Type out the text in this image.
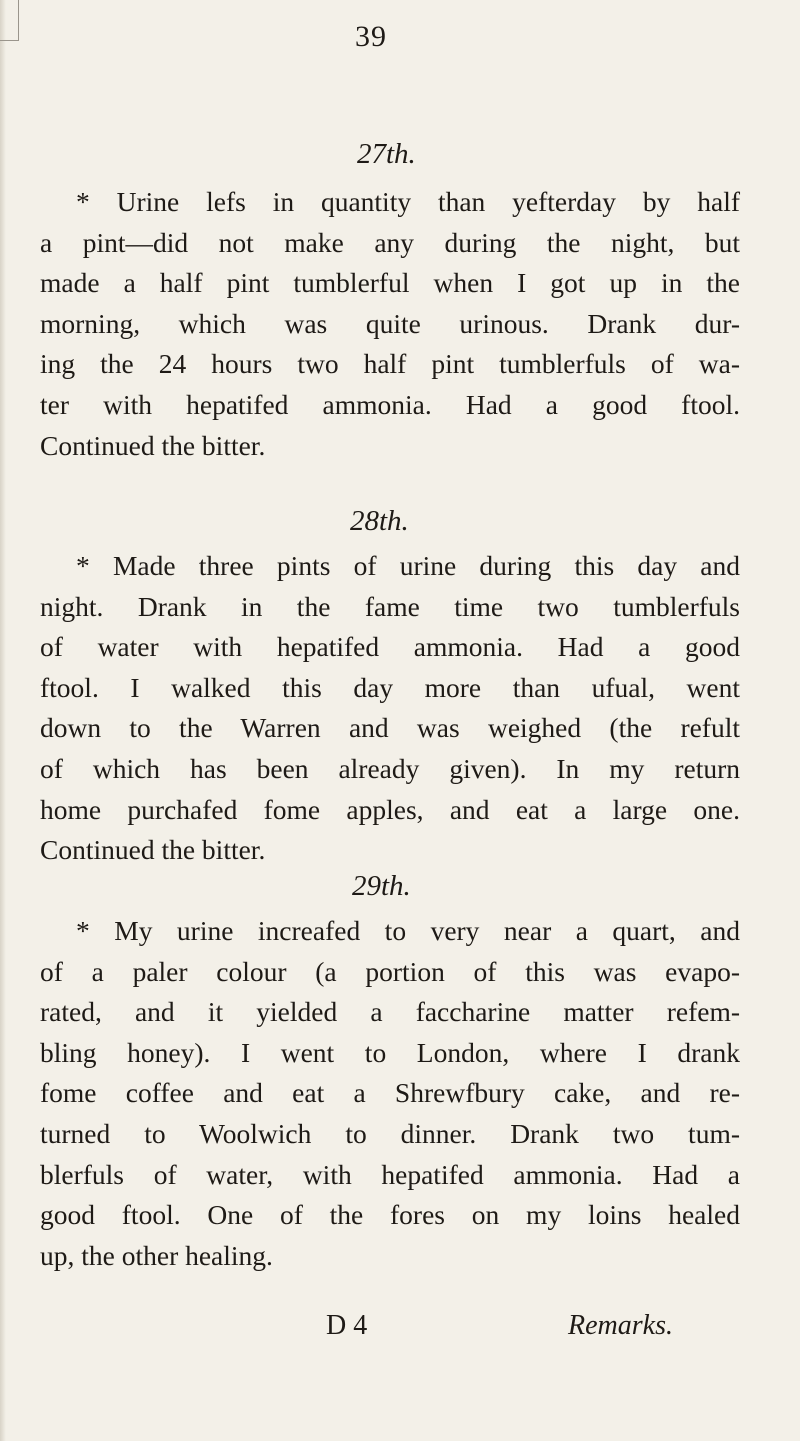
39
27th.

* Urine lefs in quantity than yefterday by half
a pint—did not make any during the night, but
made a half pint tumblerful when I got up in the
morning, which was quite urinous. Drank dur-
ing the 24 hours two half pint tumblerfuls of wa-
ter with hepatifed ammonia. Had a good ftool.
Continued the bitter.

28th.

* Made three pints of urine during this day and
night. Drank in the fame time two tumblerfuls
of water with hepatifed ammonia. Had a good
ftool. I walked this day more than ufual, went
down to the Warren and was weighed (the refult
of which has been already given). In my return
home purchafed fome apples, and eat a large one.
Continued the bitter.

29th.

* My urine increafed to very near a quart, and
of a paler colour (a portion of this was evapo-
rated, and it yielded a faccharine matter refem-
bling honey). I went to London, where I drank
fome coffee and eat a Shrewfbury cake, and re-
turned to Woolwich to dinner. Drank two tum-
blerfuls of water, with hepatifed ammonia. Had a
good ftool. One of the fores on my loins healed
up, the other healing.

D 4	Remarks.
